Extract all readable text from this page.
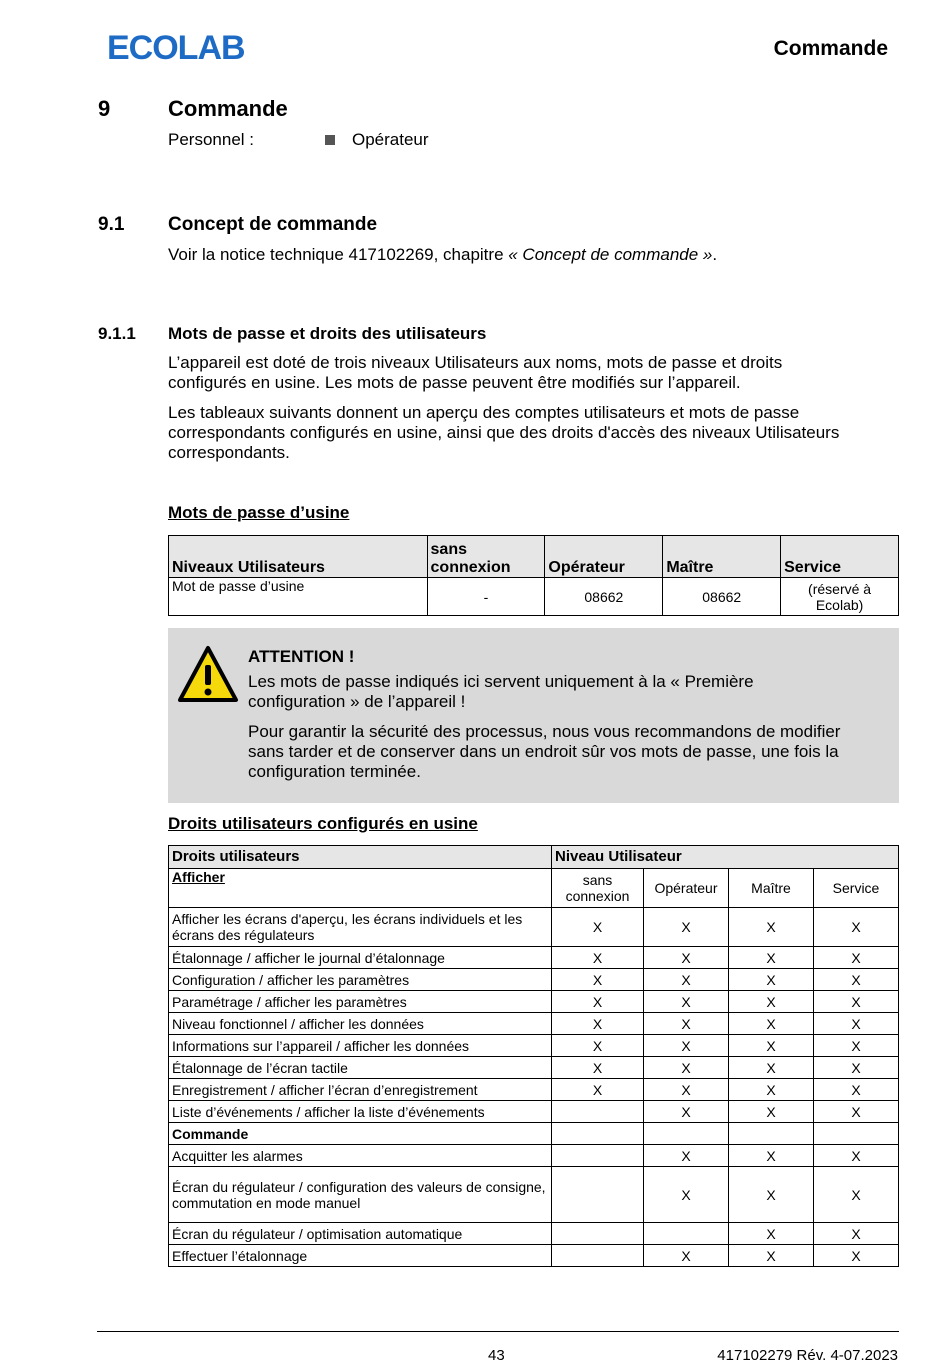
ECOLAB	Commande
9	Commande
Personnel :	Opérateur
9.1 Concept de commande
Voir la notice technique 417102269, chapitre « Concept de commande ».
9.1.1 Mots de passe et droits des utilisateurs
L’appareil est doté de trois niveaux Utilisateurs aux noms, mots de passe et droits
configurés en usine. Les mots de passe peuvent être modifiés sur l’appareil.
Les tableaux suivants donnent un aperçu des comptes utilisateurs et mots de passe
correspondants configurés en usine, ainsi que des droits d'accès des niveaux Utilisateurs
correspondants.
Mots de passe d’usine
Niveaux Utilisateurs	sans connexion	Opérateur	Maître	Service
Mot de passe d’usine	-	08662	08662	(réservé à Ecolab)
ATTENTION !
Les mots de passe indiqués ici servent uniquement à la « Première
configuration » de l’appareil !
Pour garantir la sécurité des processus, nous vous recommandons de modifier
sans tarder et de conserver dans un endroit sûr vos mots de passe, une fois la
configuration terminée.
Droits utilisateurs configurés en usine
Droits utilisateurs	Niveau Utilisateur			
Afficher	sans connexion	Opérateur	Maître	Service
Afficher les écrans d'aperçu, les écrans individuels et les écrans des régulateurs	X	X	X	X
Étalonnage / afficher le journal d’étalonnage	X	X	X	X
Configuration / afficher les paramètres	X	X	X	X
Paramétrage / afficher les paramètres	X	X	X	X
Niveau fonctionnel / afficher les données	X	X	X	X
Informations sur l’appareil / afficher les données	X	X	X	X
Étalonnage de l’écran tactile	X	X	X	X
Enregistrement / afficher l’écran d’enregistrement	X	X	X	X
Liste d’événements / afficher la liste d’événements		X	X	X
Commande				
Acquitter les alarmes		X	X	X
Écran du régulateur / configuration des valeurs de consigne,
commutation en mode manuel		X	X	X
Écran du régulateur / optimisation automatique			X	X
Effectuer l’étalonnage		X	X	X
43	417102279 Rév. 4-07.2023
